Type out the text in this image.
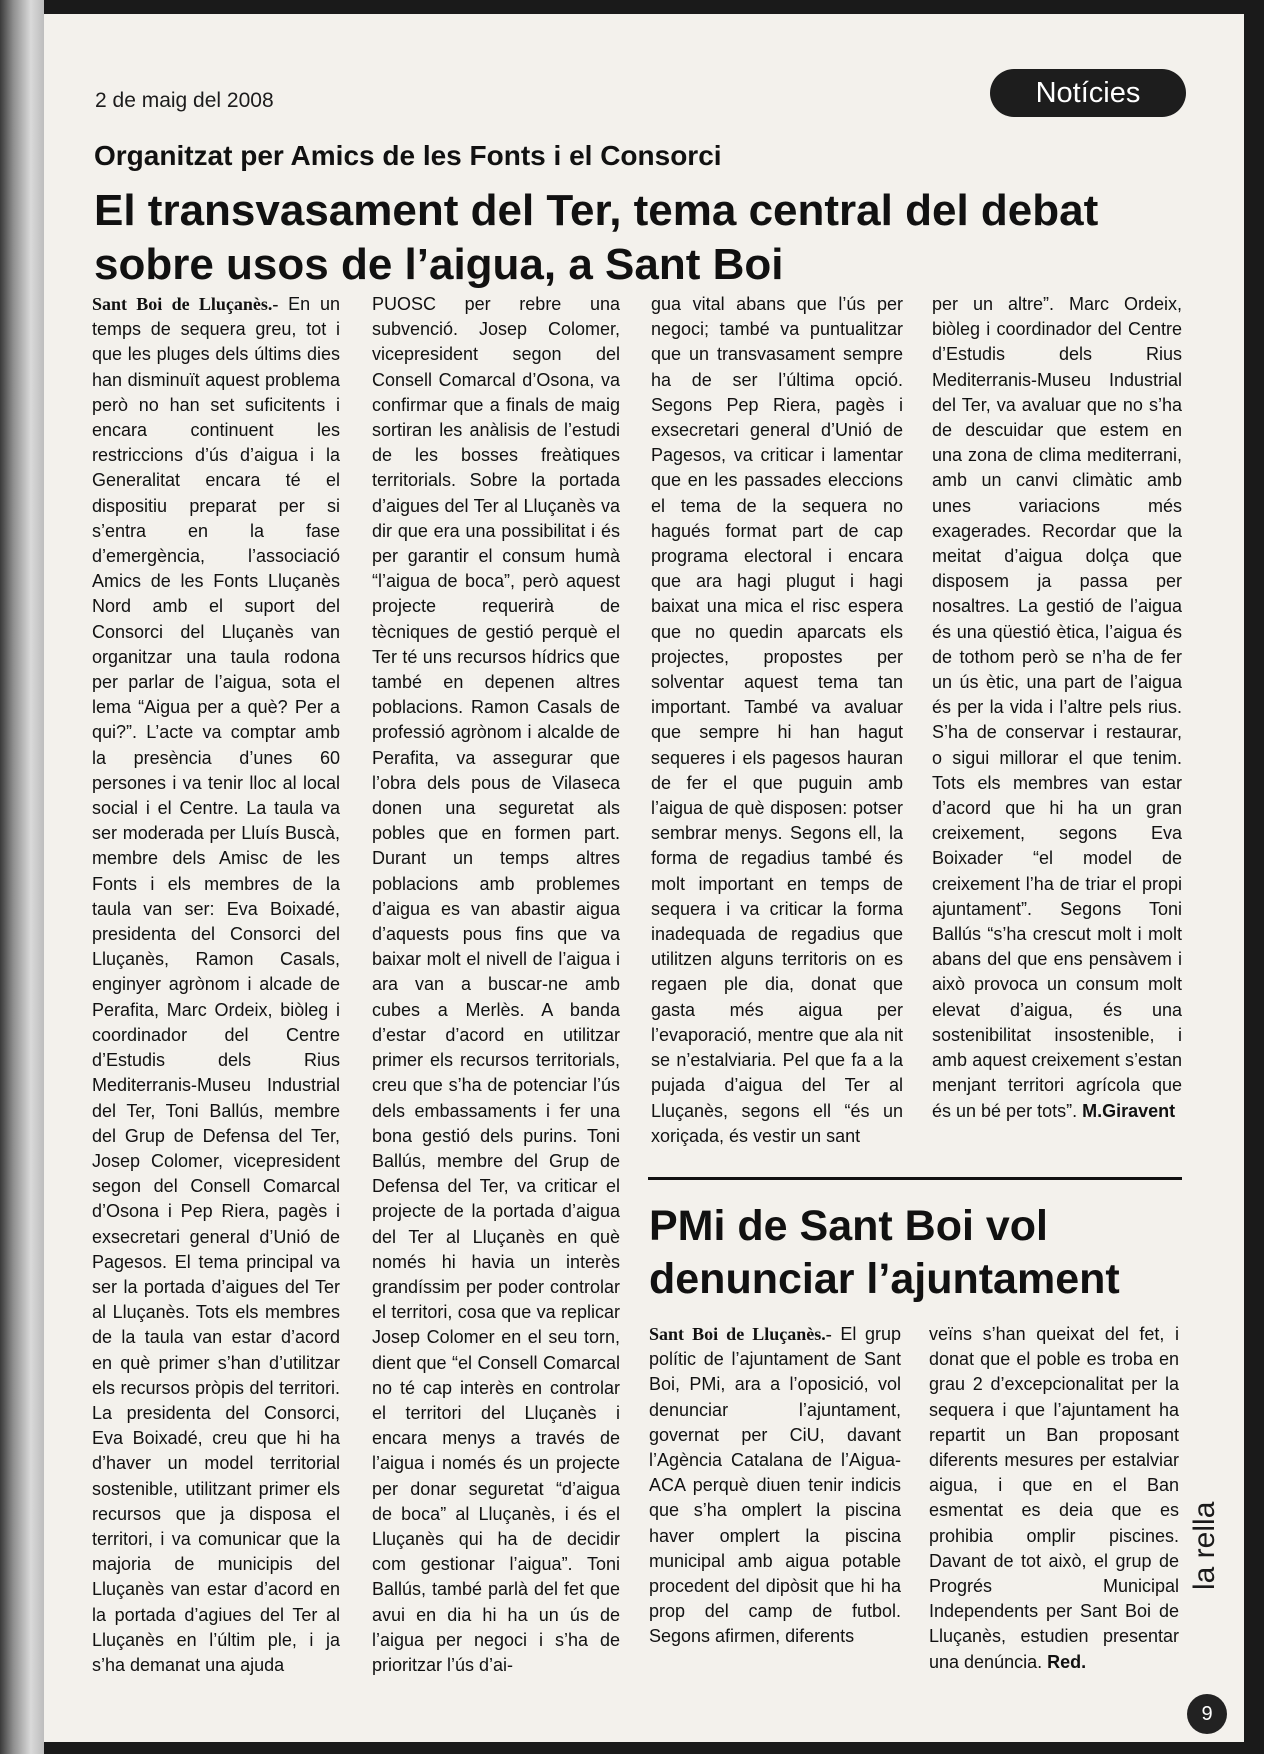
2 de maig del 2008	Notícies
Organitzat per Amics de les Fonts i el Consorci
El transvasament del Ter, tema central del debat sobre usos de l’aigua, a Sant Boi

Sant Boi de Lluçanès.- En un temps de sequera greu, tot i que les pluges dels últims dies han disminuït aquest problema però no han set suficitents i encara continuent les restriccions d’ús d’aigua i la Generalitat encara té el dispositiu preparat per si s’entra en la fase d’emergència, l’associació Amics de les Fonts Lluçanès Nord amb el suport del Consorci del Lluçanès van organitzar una taula rodona per parlar de l’aigua, sota el lema “Aigua per a què? Per a qui?”. L’acte va comptar amb la presència d’unes 60 persones i va tenir lloc al local social i el Centre. La taula va ser moderada per Lluís Buscà, membre dels Amisc de les Fonts i els membres de la taula van ser: Eva Boixadé, presidenta del Consorci del Lluçanès, Ramon Casals, enginyer agrònom i alcade de Perafita, Marc Ordeix, biòleg i coordinador del Centre d’Estudis dels Rius Mediterranis-Museu Industrial del Ter, Toni Ballús, membre del Grup de Defensa del Ter, Josep Colomer, vicepresident segon del Consell Comarcal d’Osona i Pep Riera, pagès i exsecretari general d’Unió de Pagesos. El tema principal va ser la portada d’aigues del Ter al Lluçanès. Tots els membres de la taula van estar d’acord en què primer s’han d’utilitzar els recursos pròpis del territori. La presidenta del Consorci, Eva Boixadé, creu que hi ha d’haver un model territorial sostenible, utilitzant primer els recursos que ja disposa el territori, i va comunicar que la majoria de municipis del Lluçanès van estar d’acord en la portada d’agiues del Ter al Lluçanès en l’últim ple, i ja s’ha demanat una ajuda

PUOSC per rebre una subvenció. Josep Colomer, vicepresident segon del Consell Comarcal d’Osona, va confirmar que a finals de maig sortiran les anàlisis de l’estudi de les bosses freàtiques territorials. Sobre la portada d’aigues del Ter al Lluçanès va dir que era una possibilitat i és per garantir el consum humà “l’aigua de boca”, però aquest projecte requerirà de tècniques de gestió perquè el Ter té uns recursos hídrics que també en depenen altres poblacions. Ramon Casals de professió agrònom i alcalde de Perafita, va assegurar que l’obra dels pous de Vilaseca donen una seguretat als pobles que en formen part. Durant un temps altres poblacions amb problemes d’aigua es van abastir aigua d’aquests pous fins que va baixar molt el nivell de l’aigua i ara van a buscar-ne amb cubes a Merlès. A banda d’estar d’acord en utilitzar primer els recursos territorials, creu que s’ha de potenciar l’ús dels embassaments i fer una bona gestió dels purins. Toni Ballús, membre del Grup de Defensa del Ter, va criticar el projecte de la portada d’aigua del Ter al Lluçanès en què només hi havia un interès grandíssim per poder controlar el territori, cosa que va replicar Josep Colomer en el seu torn, dient que “el Consell Comarcal no té cap interès en controlar el territori del Lluçanès i encara menys a través de l’aigua i només és un projecte per donar seguretat “d’aigua de boca” al Lluçanès, i és el Lluçanès qui ha de decidir com gestionar l’aigua”. Toni Ballús, també parlà del fet que avui en dia hi ha un ús de l’aigua per negoci i s’ha de prioritzar l’ús d’ai-

gua vital abans que l’ús per negoci; també va puntualitzar que un transvasament sempre ha de ser l’última opció. Segons Pep Riera, pagès i exsecretari general d’Unió de Pagesos, va criticar i lamentar que en les passades eleccions el tema de la sequera no hagués format part de cap programa electoral i encara que ara hagi plugut i hagi baixat una mica el risc espera que no quedin aparcats els projectes, propostes per solventar aquest tema tan important. També va avaluar que sempre hi han hagut sequeres i els pagesos hauran de fer el que puguin amb l’aigua de què disposen: potser sembrar menys. Segons ell, la forma de regadius també és molt important en temps de sequera i va criticar la forma inadequada de regadius que utilitzen alguns territoris on es regaen ple dia, donat que gasta més aigua per l’evaporació, mentre que ala nit se n’estalviaria. Pel que fa a la pujada d’aigua del Ter al Lluçanès, segons ell “és un xoriçada, és vestir un sant

per un altre”. Marc Ordeix, biòleg i coordinador del Centre d’Estudis dels Rius Mediterranis-Museu Industrial del Ter, va avaluar que no s’ha de descuidar que estem en una zona de clima mediterrani, amb un canvi climàtic amb unes variacions més exagerades. Recordar que la meitat d’aigua dolça que disposem ja passa per nosaltres. La gestió de l’aigua és una qüestió ètica, l’aigua és de tothom però se n’ha de fer un ús ètic, una part de l’aigua és per la vida i l’altre pels rius. S’ha de conservar i restaurar, o sigui millorar el que tenim. Tots els membres van estar d’acord que hi ha un gran creixement, segons Eva Boixader “el model de creixement l’ha de triar el propi ajuntament”. Segons Toni Ballús “s’ha crescut molt i molt abans del que ens pensàvem i això provoca un consum molt elevat d’aigua, és una sostenibilitat insostenible, i amb aquest creixement s’estan menjant territori agrícola que és un bé per tots”. M.Giravent

PMi de Sant Boi vol denunciar l’ajuntament

Sant Boi de Lluçanès.- El grup polític de l’ajuntament de Sant Boi, PMi, ara a l’oposició, vol denunciar l’ajuntament, governat per CiU, davant l’Agència Catalana de l’Aigua-ACA perquè diuen tenir indicis que s’ha omplert la piscina haver omplert la piscina municipal amb aigua potable procedent del dipòsit que hi ha prop del camp de futbol. Segons afirmen, diferents

veïns s’han queixat del fet, i donat que el poble es troba en grau 2 d’excepcionalitat per la sequera i que l’ajuntament ha repartit un Ban proposant diferents mesures per estalviar aigua, i que en el Ban esmentat es deia que es prohibia omplir piscines. Davant de tot això, el grup de Progrés Municipal Independents per Sant Boi de Lluçanès, estudien presentar una denúncia. Red.

la rella
9
